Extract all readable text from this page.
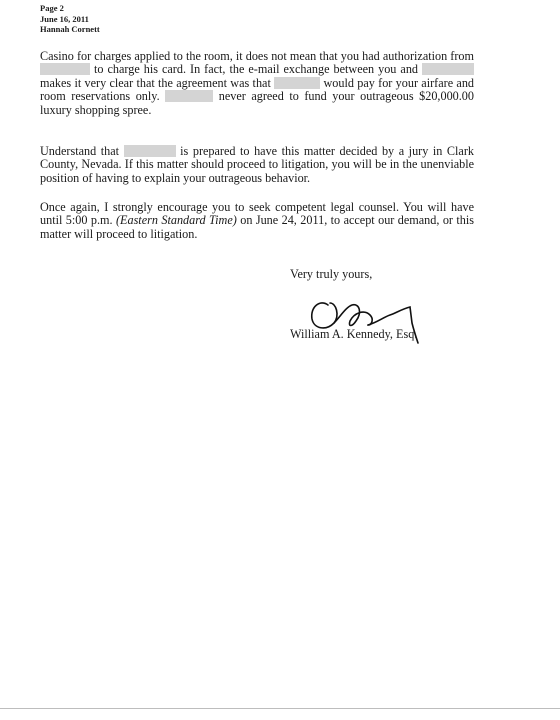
Page 2
June 16, 2011
Hannah Cornett
Casino for charges applied to the room, it does not mean that you had authorization from
to charge his card. In fact, the e-mail exchange between you and
makes it very clear that the agreement was that	would pay for your airfare and
room reservations only.	never agreed to fund your outrageous $20,000.00
luxury shopping spree.
Understand that	is prepared to have this matter decided by a jury in Clark
County, Nevada. If this matter should proceed to litigation, you will be in the unenviable
position of having to explain your outrageous behavior.
Once again, I strongly encourage you to seek competent legal counsel. You will have
until 5:00 p.m. (Eastern Standard Time) on June 24, 2011, to accept our demand, or this
matter will proceed to litigation.
Very truly yours,
William A. Kennedy, Esq.
